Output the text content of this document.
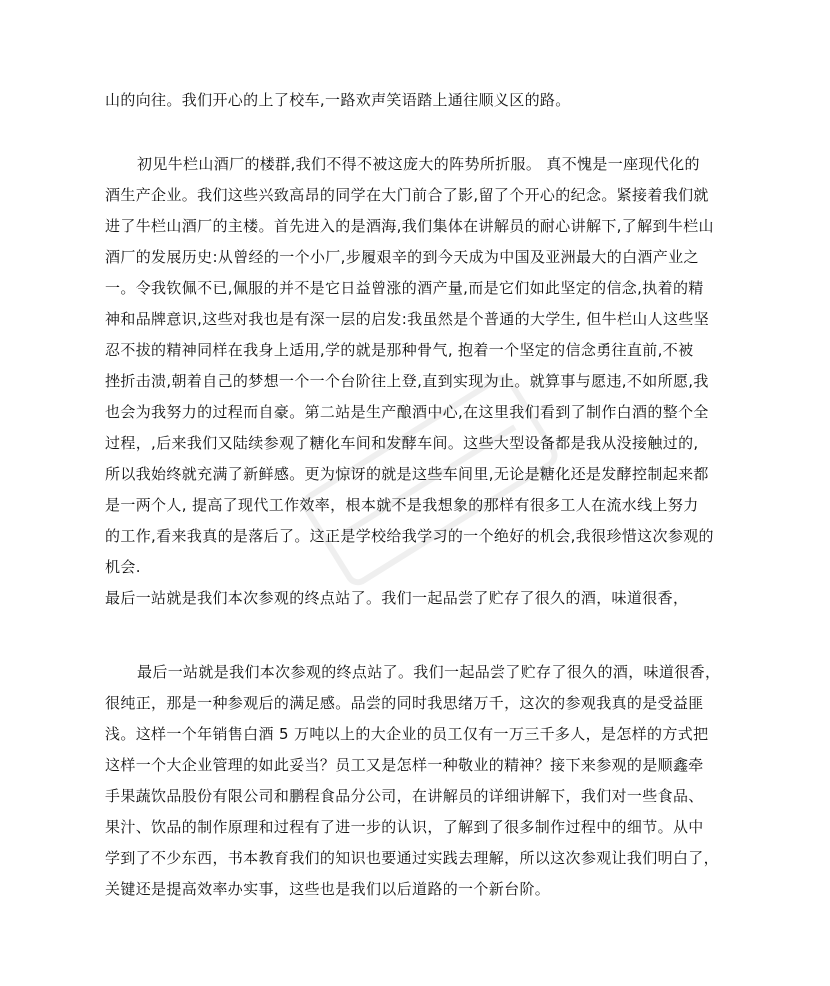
山的向往。我们开心的上了校车,一路欢声笑语踏上通往顺义区的路。
初见牛栏山酒厂的楼群,我们不得不被这庞大的阵势所折服。 真不愧是一座现代化的
酒生产企业。我们这些兴致高昂的同学在大门前合了影,留了个开心的纪念。紧接着我们就
进了牛栏山酒厂的主楼。首先进入的是酒海,我们集体在讲解员的耐心讲解下,了解到牛栏山
酒厂的发展历史:从曾经的一个小厂,步履艰辛的到今天成为中国及亚洲最大的白酒产业之
一。令我钦佩不已,佩服的并不是它日益曾涨的酒产量,而是它们如此坚定的信念,执着的精
神和品牌意识,这些对我也是有深一层的启发:我虽然是个普通的大学生, 但牛栏山人这些坚
忍不拔的精神同样在我身上适用,学的就是那种骨气, 抱着一个坚定的信念勇往直前,不被
挫折击溃,朝着自己的梦想一个一个台阶往上登,直到实现为止。就算事与愿违,不如所愿,我
也会为我努力的过程而自豪。第二站是生产酿酒中心,在这里我们看到了制作白酒的整个全
过程，,后来我们又陆续参观了糖化车间和发酵车间。这些大型设备都是我从没接触过的,
所以我始终就充满了新鲜感。更为惊讶的就是这些车间里,无论是糖化还是发酵控制起来都
是一两个人, 提高了现代工作效率，根本就不是我想象的那样有很多工人在流水线上努力
的工作,看来我真的是落后了。这正是学校给我学习的一个绝好的机会,我很珍惜这次参观的
机会.
最后一站就是我们本次参观的终点站了。我们一起品尝了贮存了很久的酒，味道很香，
最后一站就是我们本次参观的终点站了。我们一起品尝了贮存了很久的酒，味道很香，
很纯正，那是一种参观后的满足感。品尝的同时我思绪万千，这次的参观我真的是受益匪
浅。这样一个年销售白酒 5 万吨以上的大企业的员工仅有一万三千多人，是怎样的方式把
这样一个大企业管理的如此妥当？员工又是怎样一种敬业的精神？接下来参观的是顺鑫牵
手果蔬饮品股份有限公司和鹏程食品分公司，在讲解员的详细讲解下，我们对一些食品、
果汁、饮品的制作原理和过程有了进一步的认识，了解到了很多制作过程中的细节。从中
学到了不少东西，书本教育我们的知识也要通过实践去理解，所以这次参观让我们明白了，
关键还是提高效率办实事，这些也是我们以后道路的一个新台阶。
